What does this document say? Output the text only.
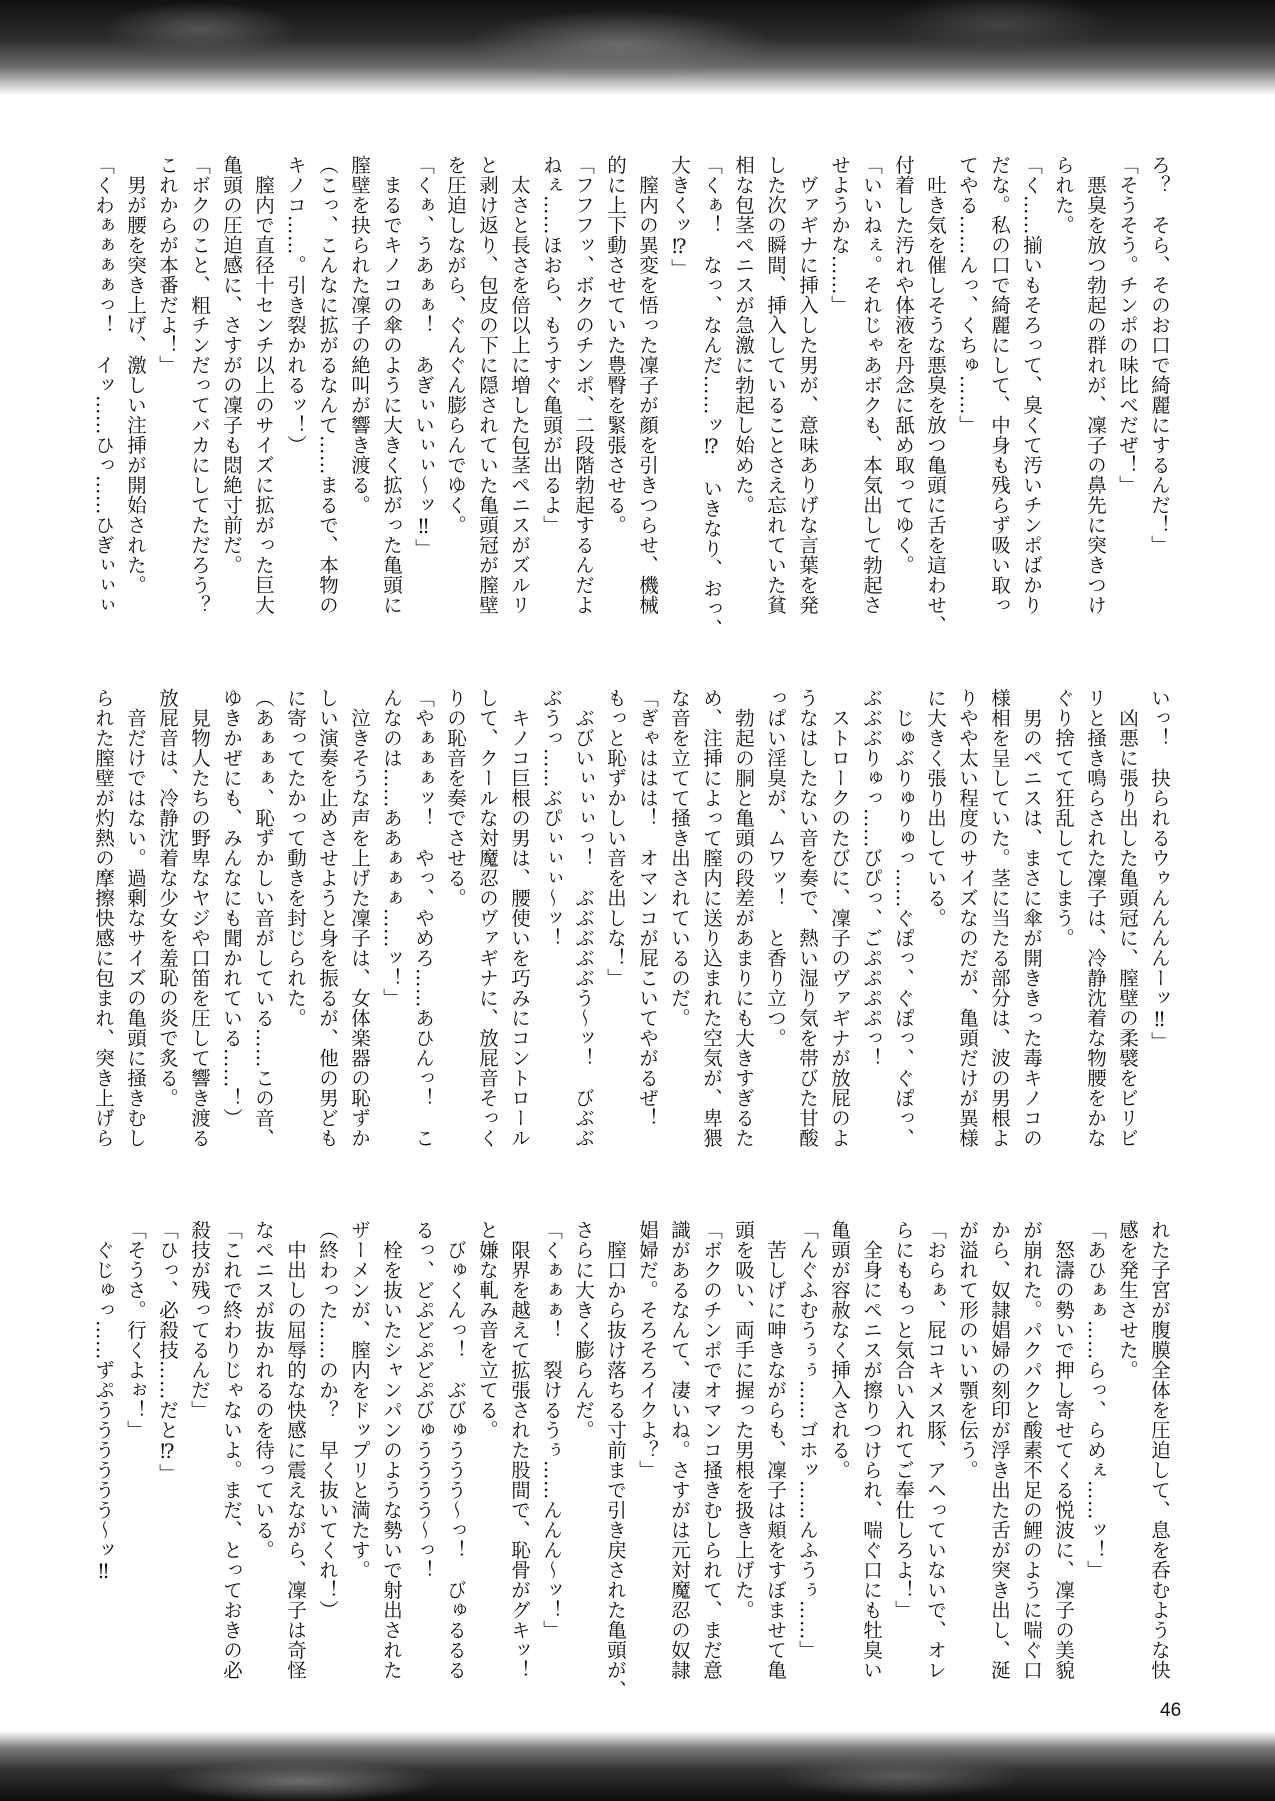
ろ？　そら、そのお口で綺麗にするんだ！」

「そうそう。チンポの味比べだぜ！」

　悪臭を放つ勃起の群れが、凜子の鼻先に突きつけ

られた。

「く……揃いもそろって、臭くて汚いチンポばかり

だな。私の口で綺麗にして、中身も残らず吸い取っ

てやる……んっ、くちゅ……」

　吐き気を催しそうな悪臭を放つ亀頭に舌を這わせ、

付着した汚れや体液を丹念に舐め取ってゆく。

「いいねぇ。それじゃあボクも、本気出して勃起さ

せようかな……」

　ヴァギナに挿入した男が、意味ありげな言葉を発

した次の瞬間、挿入していることさえ忘れていた貧

相な包茎ペニスが急激に勃起し始めた。

「くぁ！　なっ、なんだ……ッ⁉　いきなり、おっ、

大きくッ⁉」

　膣内の異変を悟った凜子が顔を引きつらせ、機械

的に上下動させていた豊臀を緊張させる。

「フフフッ、ボクのチンポ、二段階勃起するんだよ

ねぇ……ほおら、もうすぐ亀頭が出るよ」

　太さと長さを倍以上に増した包茎ペニスがズルリ

と剥け返り、包皮の下に隠されていた亀頭冠が膣壁

を圧迫しながら、ぐんぐん膨らんでゆく。

「くぁ、うあぁぁ！　あぎぃいぃぃ～ッ‼」

　まるでキノコの傘のように大きく拡がった亀頭に

膣壁を抉られた凜子の絶叫が響き渡る。

（こっ、こんなに拡がるなんて……まるで、本物の

キノコ……。引き裂かれるッ！）

　膣内で直径十センチ以上のサイズに拡がった巨大

亀頭の圧迫感に、さすがの凜子も悶絶寸前だ。

「ボクのこと、粗チンだってバカにしてただろう？

これからが本番だよ！」

　男が腰を突き上げ、激しい注挿が開始された。

「くわぁぁぁぁっ！　イッ……ひっ……ひぎぃぃぃ

いっ！　抉られるウゥんんんんーッ‼」

　凶悪に張り出した亀頭冠に、膣壁の柔襞をビリビ

リと掻き鳴らされた凜子は、冷静沈着な物腰をかな

ぐり捨てて狂乱してしまう。

　男のペニスは、まさに傘が開ききった毒キノコの

様相を呈していた。茎に当たる部分は、波の男根よ

りやや太い程度のサイズなのだが、亀頭だけが異様

に大きく張り出している。

　じゅぶりゅりゅっ……ぐぽっ、ぐぽっ、ぐぽっ、

ぶぶぶりゅっ……びぴっ、ごぷぷぷぷっ！

　ストロークのたびに、凜子のヴァギナが放屁のよ

うなはしたない音を奏で、熱い湿り気を帯びた甘酸

っぱい淫臭が、ムワッ！　と香り立つ。

　勃起の胴と亀頭の段差があまりにも大きすぎるた

め、注挿によって膣内に送り込まれた空気が、卑猥

な音を立てて掻き出されているのだ。

「ぎゃははは！　オマンコが屁こいてやがるぜ！

もっと恥ずかしい音を出しな！」

　ぶびいぃぃぃっ！　ぶぶぶぶぶう～ッ！　びぶぶ

ぶうっ……ぶぴぃぃぃ～ッ！

　キノコ巨根の男は、腰使いを巧みにコントロール

して、クールな対魔忍のヴァギナに、放屁音そっく

りの恥音を奏でさせる。

「やぁぁぁッ！　やっ、やめろ……あひんっ！　こ

んなのは……ああぁぁぁ……ッ！」

　泣きそうな声を上げた凜子は、女体楽器の恥ずか

しい演奏を止めさせようと身を振るが、他の男ども

に寄ってたかって動きを封じられた。

（あぁぁぁ、恥ずかしい音がしている……この音、

ゆきかぜにも、みんなにも聞かれている……！）

　見物人たちの野卑なヤジや口笛を圧して響き渡る

放屁音は、冷静沈着な少女を羞恥の炎で炙る。

　音だけではない。過剰なサイズの亀頭に掻きむし

られた膣壁が灼熱の摩擦快感に包まれ、突き上げら

れた子宮が腹膜全体を圧迫して、息を呑むような快

感を発生させた。

「あひぁぁ……らっ、らめぇ……ッ！」

　怒濤の勢いで押し寄せてくる悦波に、凜子の美貌

が崩れた。パクパクと酸素不足の鯉のように喘ぐ口

から、奴隷娼婦の刻印が浮き出た舌が突き出し、涎

が溢れて形のいい顎を伝う。

「おらぁ、屁コキメス豚、アヘっていないで、オレ

らにももっと気合い入れてご奉仕しろよ！」

　全身にペニスが擦りつけられ、喘ぐ口にも牡臭い

亀頭が容赦なく挿入される。

「んぐふむうぅぅ……ゴホッ……んふうぅ……」

　苦しげに呻きながらも、凜子は頬をすぼませて亀

頭を吸い、両手に握った男根を扱き上げた。

「ボクのチンポでオマンコ掻きむしられて、まだ意

識があるなんて、凄いね。さすがは元対魔忍の奴隷

娼婦だ。そろそろイクよ？」

　膣口から抜け落ちる寸前まで引き戻された亀頭が、

さらに大きく膨らんだ。

「くぁぁぁ！　裂けるうぅ……んんん～ッ！」

　限界を越えて拡張された股間で、恥骨がグキッ！

と嫌な軋み音を立てる。

　びゅくんっ！　ぶびゅううう～っ！　びゅるるる

るっ、どぷどぷどぷびゅうううう～っ！

　栓を抜いたシャンパンのような勢いで射出された

ザーメンが、膣内をドップリと満たす。

（終わった……のか？　早く抜いてくれ！）

　中出しの屈辱的な快感に震えながら、凜子は奇怪

なペニスが抜かれるのを待っている。

「これで終わりじゃないよ。まだ、とっておきの必

殺技が残ってるんだ」

「ひっ、必殺技……だと⁉」

「そうさ。行くよぉ！」

　ぐじゅっ……ずぷうううううう～ッ‼

46
